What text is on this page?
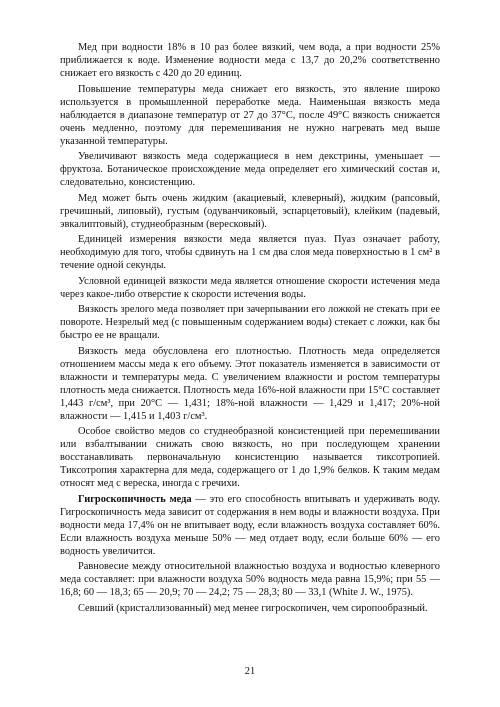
Мед при водности 18% в 10 раз более вязкий, чем вода, а при водности 25% приближается к воде. Изменение водности меда с 13,7 до 20,2% соответственно снижает его вязкость с 420 до 20 единиц.

Повышение температуры меда снижает его вязкость, это явление широко используется в промышленной переработке меда. Наименьшая вязкость меда наблюдается в диапазоне температур от 27 до 37°С, после 49°С вязкость снижается очень медленно, поэтому для перемешивания не нужно нагревать мед выше указанной температуры.

Увеличивают вязкость меда содержащиеся в нем декстрины, уменьшает — фруктоза. Ботаническое происхождение меда определяет его химический состав и, следовательно, консистенцию.

Мед может быть очень жидким (акациевый, клеверный), жидким (рапсовый, гречишный, липовый), густым (одуванчиковый, эспарцетовый), клейким (падевый, эвкалиптовый), студнеобразным (вересковый).

Единицей измерения вязкости меда является пуаз. Пуаз означает работу, необходимую для того, чтобы сдвинуть на 1 см два слоя меда поверхностью в 1 см² в течение одной секунды.

Условной единицей вязкости меда является отношение скорости истечения меда через какое-либо отверстие к скорости истечения воды.

Вязкость зрелого меда позволяет при зачерпывании его ложкой не стекать при ее повороте. Незрелый мед (с повышенным содержанием воды) стекает с ложки, как бы быстро ее не вращали.

Вязкость меда обусловлена его плотностью. Плотность меда определяется отношением массы меда к его объему. Этот показатель изменяется в зависимости от влажности и температуры меда. С увеличением влажности и ростом температуры плотность меда снижается. Плотность меда 16%-ной влажности при 15°С составляет 1,443 г/см³, при 20°С — 1,431; 18%-ной влажности — 1,429 и 1,417; 20%-ной влажности — 1,415 и 1,403 г/см³.

Особое свойство медов со студнеобразной консистенцией при перемешивании или взбалтывании снижать свою вязкость, но при последующем хранении восстанавливать первоначальную консистенцию называется тиксотропией. Тиксотропия характерна для меда, содержащего от 1 до 1,9% белков. К таким медам относят мед с вереска, иногда с гречихи.

Гигроскопичность меда — это его способность впитывать и удерживать воду. Гигроскопичность меда зависит от содержания в нем воды и влажности воздуха. При водности меда 17,4% он не впитывает воду, если влажность воздуха составляет 60%. Если влажность воздуха меньше 50% — мед отдает воду, если больше 60% — его водность увеличится.

Равновесие между относительной влажностью воздуха и водностью клеверного меда составляет: при влажности воздуха 50% водность меда равна 15,9%; при 55 — 16,8; 60 — 18,3; 65 — 20,9; 70 — 24,2; 75 — 28,3; 80 — 33,1 (White J. W., 1975).

Севший (кристаллизованный) мед менее гигроскопичен, чем сиропообразный.

21
